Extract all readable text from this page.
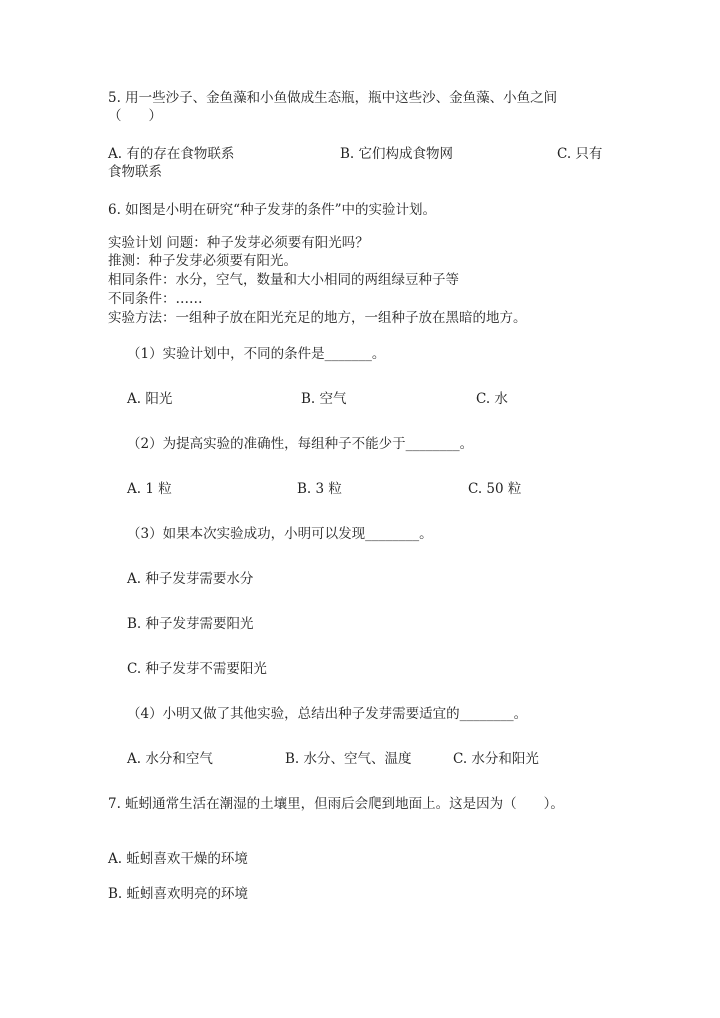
5. 用一些沙子、金鱼藻和小鱼做成生态瓶，瓶中这些沙、金鱼藻、小鱼之间
（　　）
A. 有的存在食物联系	B. 它们构成食物网	C. 只有
食物联系
6. 如图是小明在研究“种子发芽的条件”中的实验计划。
实验计划 问题：种子发芽必须要有阳光吗？
推测：种子发芽必须要有阳光。
相同条件：水分，空气，数量和大小相同的两组绿豆种子等
不同条件：……
实验方法：一组种子放在阳光充足的地方，一组种子放在黑暗的地方。
（1）实验计划中，不同的条件是_______。
A. 阳光	B. 空气	C. 水
（2）为提高实验的准确性，每组种子不能少于________。
A. 1 粒	B. 3 粒	C. 50 粒
（3）如果本次实验成功，小明可以发现________。
A. 种子发芽需要水分
B. 种子发芽需要阳光
C. 种子发芽不需要阳光
（4）小明又做了其他实验，总结出种子发芽需要适宜的________。
A. 水分和空气	B. 水分、空气、温度	C. 水分和阳光
7. 蚯蚓通常生活在潮湿的土壤里，但雨后会爬到地面上。这是因为（　　）。
A. 蚯蚓喜欢干燥的环境
B. 蚯蚓喜欢明亮的环境
